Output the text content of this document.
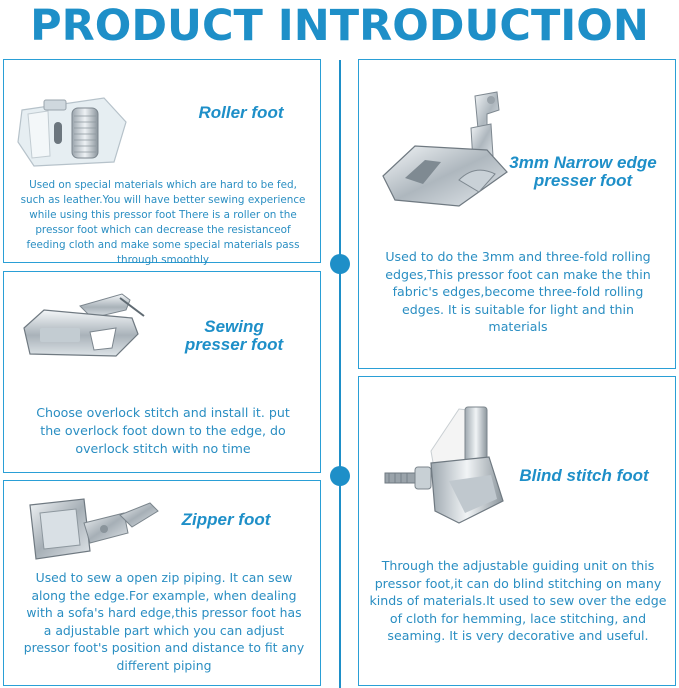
PRODUCT INTRODUCTION
Roller foot
Used on special materials which are hard to be fed, such as leather.You will have better sewing experience while using this pressor foot There is a roller on the pressor foot which can decrease the resistanceof feeding cloth and make some special materials pass through smoothly
3mm Narrow edge presser foot
Used to do the 3mm and three-fold rolling edges,This pressor foot can make the thin fabric's edges,become three-fold rolling edges. It is suitable for light and thin materials
Sewing presser foot
Choose overlock stitch and install it. put the overlock foot down to the edge, do overlock stitch with no time
Blind stitch foot
Through the adjustable guiding unit on this pressor foot,it can do blind stitching on many kinds of materials.It used to sew over the edge of cloth for hemming, lace stitching, and seaming. It is very decorative and useful.
Zipper foot
Used to sew a open zip piping. It can sew along the edge.For example, when dealing with a sofa's hard edge,this pressor foot has a adjustable part which you can adjust pressor foot's position and distance to fit any different piping
